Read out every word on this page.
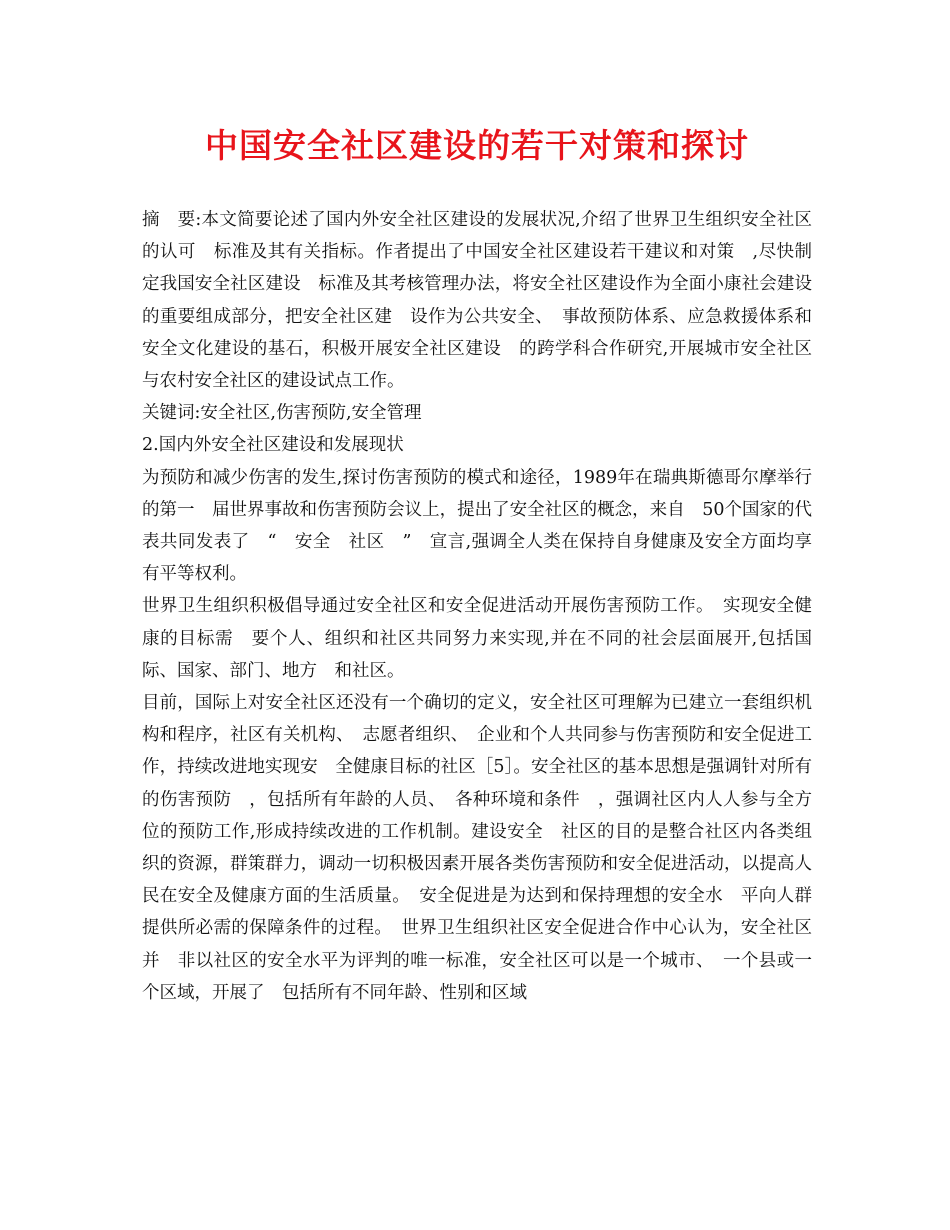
中国安全社区建设的若干对策和探讨

摘　要:本文简要论述了国内外安全社区建设的发展状况,介绍了世界卫生组织安全社区的认可　标准及其有关指标。作者提出了中国安全社区建设若干建议和对策　,尽快制定我国安全社区建设　标准及其考核管理办法，将安全社区建设作为全面小康社会建设的重要组成部分，把安全社区建　设作为公共安全、　事故预防体系、应急救援体系和安全文化建设的基石，积极开展安全社区建设　的跨学科合作研究,开展城市安全社区与农村安全社区的建设试点工作。

关键词:安全社区,伤害预防,安全管理

2.国内外安全社区建设和发展现状

为预防和减少伤害的发生,探讨伤害预防的模式和途径，1989年在瑞典斯德哥尔摩举行的第一　届世界事故和伤害预防会议上，提出了安全社区的概念，来自　50个国家的代表共同发表了　“　安全　社区　”　宣言,强调全人类在保持自身健康及安全方面均享有平等权利。

世界卫生组织积极倡导通过安全社区和安全促进活动开展伤害预防工作。　实现安全健康的目标需　要个人、组织和社区共同努力来实现,并在不同的社会层面展开,包括国际、国家、部门、地方　和社区。

目前，国际上对安全社区还没有一个确切的定义，安全社区可理解为已建立一套组织机构和程序，社区有关机构、　志愿者组织、　企业和个人共同参与伤害预防和安全促进工作，持续改进地实现安　全健康目标的社区［5］。安全社区的基本思想是强调针对所有的伤害预防　，包括所有年龄的人员、　各种环境和条件　，强调社区内人人参与全方位的预防工作,形成持续改进的工作机制。建设安全　社区的目的是整合社区内各类组织的资源，群策群力，调动一切积极因素开展各类伤害预防和安全促进活动，以提高人民在安全及健康方面的生活质量。　安全促进是为达到和保持理想的安全水　平向人群提供所必需的保障条件的过程。　世界卫生组织社区安全促进合作中心认为，安全社区并　非以社区的安全水平为评判的唯一标准，安全社区可以是一个城市、　一个县或一个区域，开展了　包括所有不同年龄、性别和区域
